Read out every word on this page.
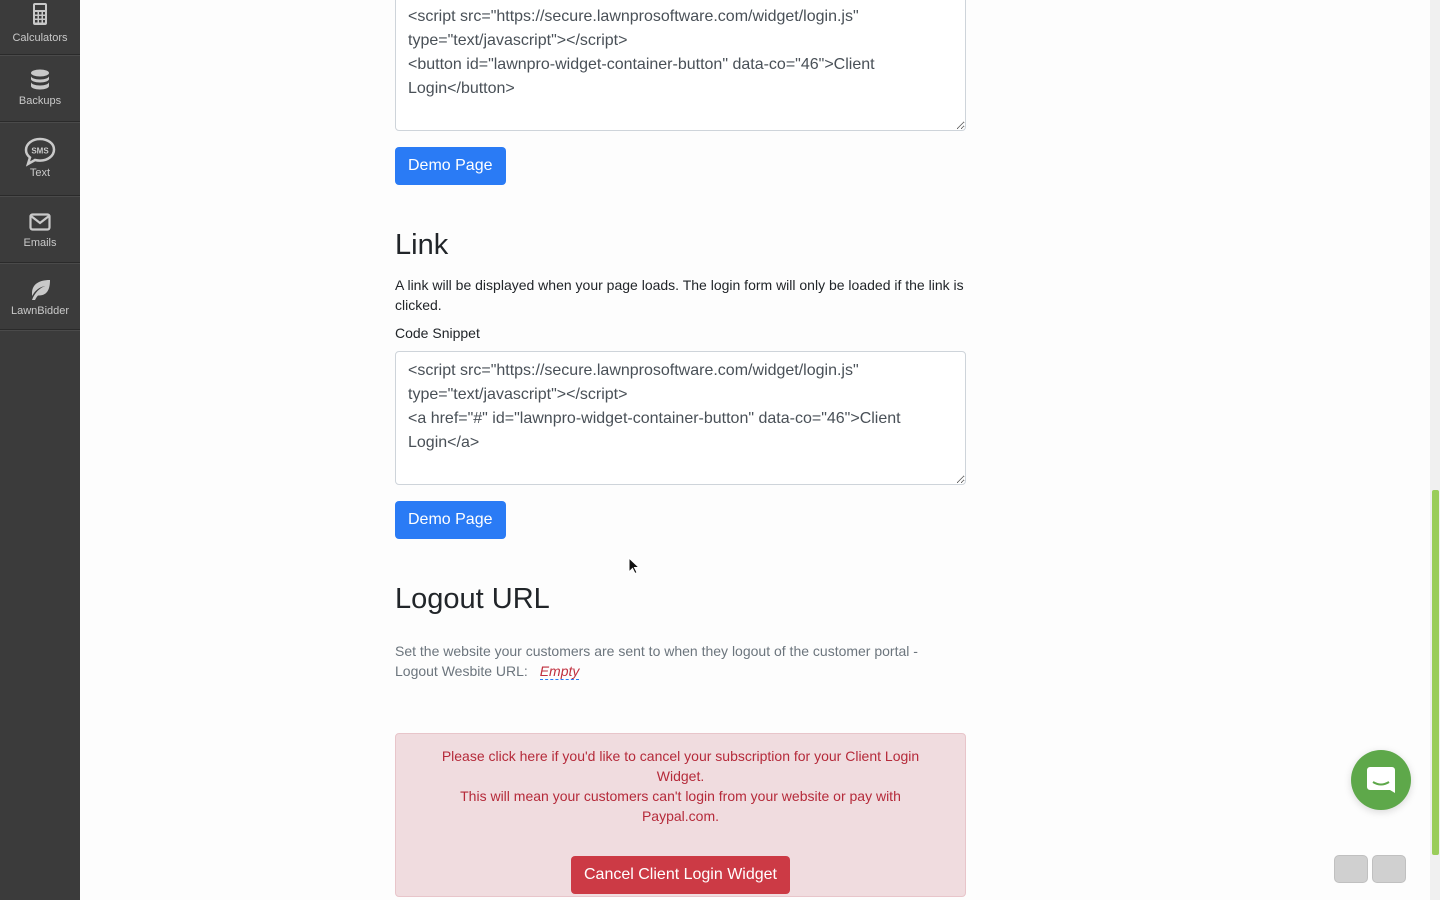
Calculators
Backups
SMS
Text
Emails
LawnBidder
<script src="https://secure.lawnprosoftware.com/widget/login.js" type="text/javascript"></script> <button id="lawnpro-widget-container-button" data-co="46">Client Login</button>
Demo Page
Link
A link will be displayed when your page loads. The login form will only be loaded if the link is clicked.
Code Snippet
<script src="https://secure.lawnprosoftware.com/widget/login.js" type="text/javascript"></script> <a href="#" id="lawnpro-widget-container-button" data-co="46">Client Login</a>
Demo Page
Logout URL
Set the website your customers are sent to when they logout of the customer portal -
Logout Wesbite URL: Empty
Please click here if you'd like to cancel your subscription for your Client Login Widget.
This will mean your customers can't login from your website or pay with Paypal.com.
Cancel Client Login Widget
